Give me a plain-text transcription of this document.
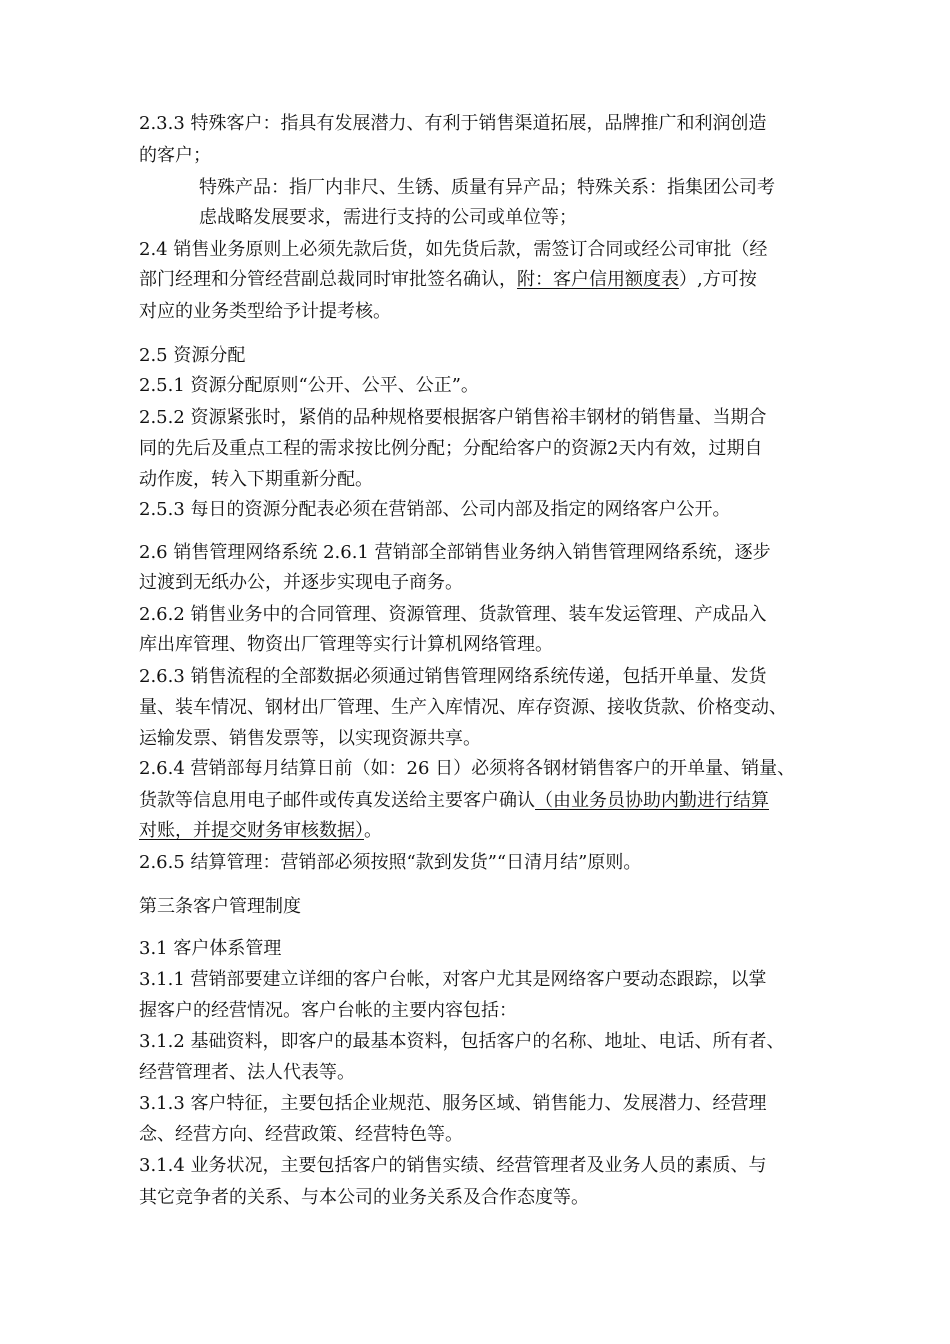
2.3.3 特殊客户：指具有发展潜力、有利于销售渠道拓展，品牌推广和利润创造
的客户；
特殊产品：指厂内非尺、生锈、质量有异产品；特殊关系：指集团公司考
虑战略发展要求，需进行支持的公司或单位等；
2.4 销售业务原则上必须先款后货，如先货后款，需签订合同或经公司审批（经
部门经理和分管经营副总裁同时审批签名确认，附：客户信用额度表）,方可按
对应的业务类型给予计提考核。
2.5 资源分配
2.5.1 资源分配原则“公开、公平、公正”。
2.5.2 资源紧张时，紧俏的品种规格要根据客户销售裕丰钢材的销售量、当期合
同的先后及重点工程的需求按比例分配；分配给客户的资源2天内有效，过期自
动作废，转入下期重新分配。
2.5.3 每日的资源分配表必须在营销部、公司内部及指定的网络客户公开。
2.6 销售管理网络系统 2.6.1 营销部全部销售业务纳入销售管理网络系统，逐步
过渡到无纸办公，并逐步实现电子商务。
2.6.2 销售业务中的合同管理、资源管理、货款管理、装车发运管理、产成品入
库出库管理、物资出厂管理等实行计算机网络管理。
2.6.3 销售流程的全部数据必须通过销售管理网络系统传递，包括开单量、发货
量、装车情况、钢材出厂管理、生产入库情况、库存资源、接收货款、价格变动、
运输发票、销售发票等，以实现资源共享。
2.6.4 营销部每月结算日前（如：26 日）必须将各钢材销售客户的开单量、销量、
货款等信息用电子邮件或传真发送给主要客户确认（由业务员协助内勤进行结算
对账，并提交财务审核数据）。
2.6.5 结算管理：营销部必须按照“款到发货”“日清月结”原则。
第三条客户管理制度
3.1 客户体系管理
3.1.1 营销部要建立详细的客户台帐，对客户尤其是网络客户要动态跟踪，以掌
握客户的经营情况。客户台帐的主要内容包括：
3.1.2 基础资料，即客户的最基本资料，包括客户的名称、地址、电话、所有者、
经营管理者、法人代表等。
3.1.3 客户特征，主要包括企业规范、服务区域、销售能力、发展潜力、经营理
念、经营方向、经营政策、经营特色等。
3.1.4 业务状况，主要包括客户的销售实绩、经营管理者及业务人员的素质、与
其它竞争者的关系、与本公司的业务关系及合作态度等。
